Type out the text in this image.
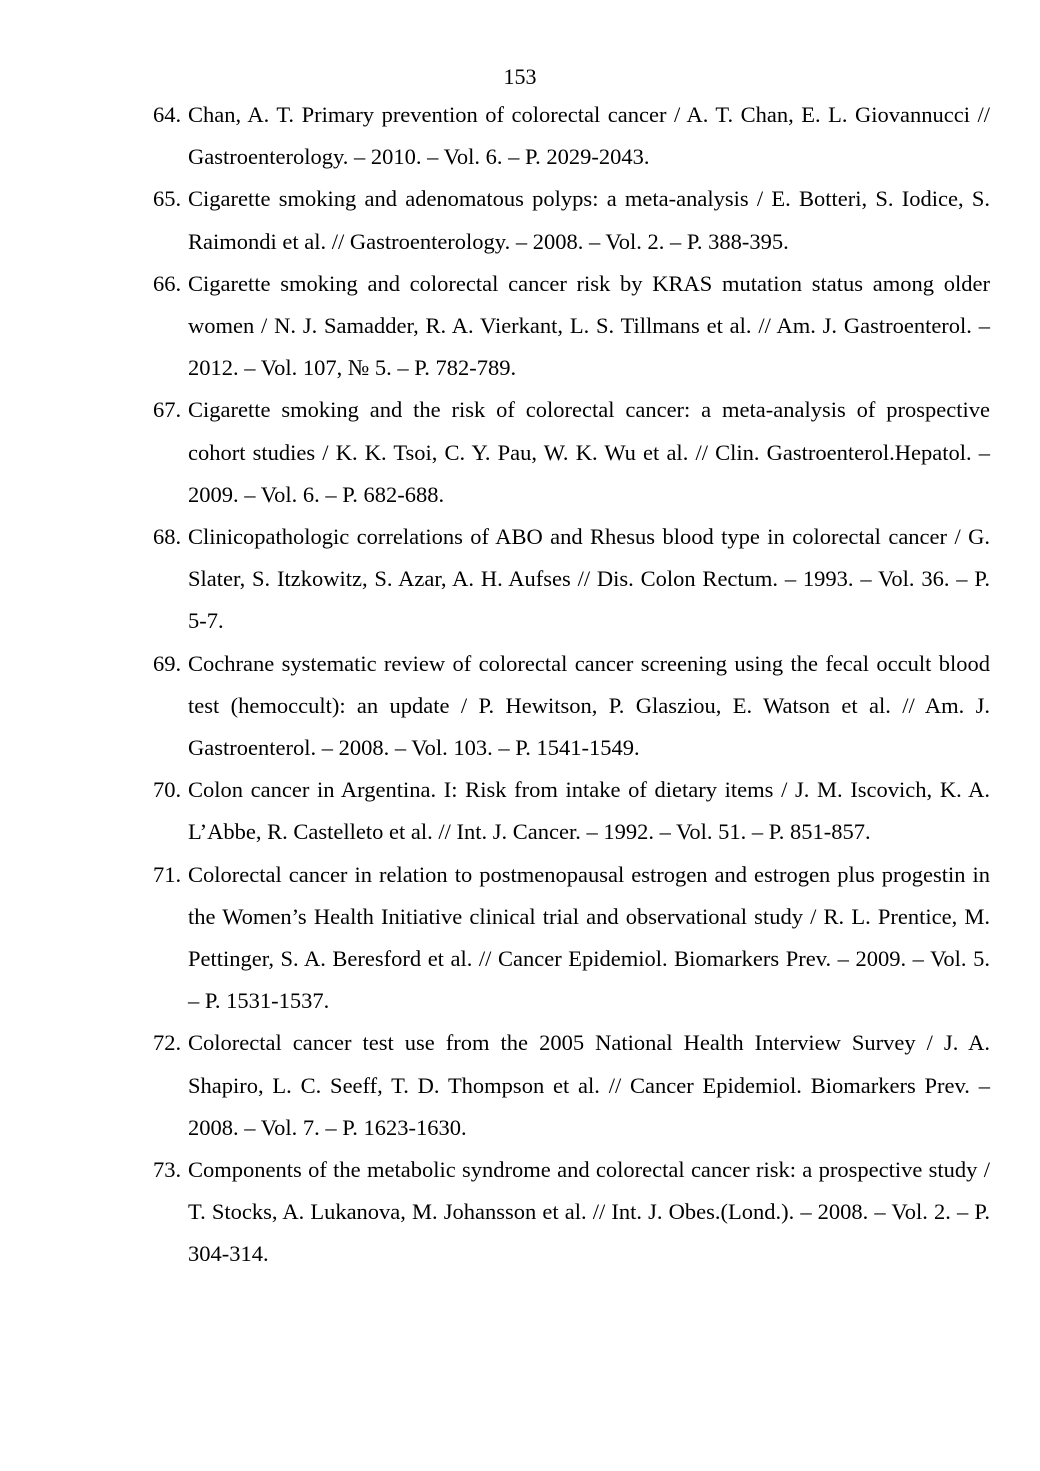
153
64. Chan, A. T. Primary prevention of colorectal cancer / A. T. Chan, E. L. Giovannucci // Gastroenterology. – 2010. – Vol. 6. – P. 2029-2043.
65. Cigarette smoking and adenomatous polyps: a meta-analysis / E. Botteri, S. Iodice, S. Raimondi et al. // Gastroenterology. – 2008. – Vol. 2. – P. 388-395.
66. Cigarette smoking and colorectal cancer risk by KRAS mutation status among older women / N. J. Samadder, R. A. Vierkant, L. S. Tillmans et al. // Am. J. Gastroenterol. – 2012. – Vol. 107, № 5. – P. 782-789.
67. Cigarette smoking and the risk of colorectal cancer: a meta-analysis of prospective cohort studies / K. K. Tsoi, C. Y. Pau, W. K. Wu et al. // Clin. Gastroenterol.Hepatol. – 2009. – Vol. 6. – P. 682-688.
68. Clinicopathologic correlations of ABO and Rhesus blood type in colorectal cancer / G. Slater, S. Itzkowitz, S. Azar, A. H. Aufses // Dis. Colon Rectum. – 1993. – Vol. 36. – P. 5-7.
69. Cochrane systematic review of colorectal cancer screening using the fecal occult blood test (hemoccult): an update / P. Hewitson, P. Glasziou, E. Watson et al. // Am. J. Gastroenterol. – 2008. – Vol. 103. – P. 1541-1549.
70. Colon cancer in Argentina. I: Risk from intake of dietary items / J. M. Iscovich, K. A. L’Abbe, R. Castelleto et al. // Int. J. Cancer. – 1992. – Vol. 51. – P. 851-857.
71. Colorectal cancer in relation to postmenopausal estrogen and estrogen plus progestin in the Women’s Health Initiative clinical trial and observational study / R. L. Prentice, M. Pettinger, S. A. Beresford et al. // Cancer Epidemiol. Biomarkers Prev. – 2009. – Vol. 5. – P. 1531-1537.
72. Colorectal cancer test use from the 2005 National Health Interview Survey / J. A. Shapiro, L. C. Seeff, T. D. Thompson et al. // Cancer Epidemiol. Biomarkers Prev. – 2008. – Vol. 7. – P. 1623-1630.
73. Components of the metabolic syndrome and colorectal cancer risk: a prospective study / T. Stocks, A. Lukanova, M. Johansson et al. // Int. J. Obes.(Lond.). – 2008. – Vol. 2. – P. 304-314.
